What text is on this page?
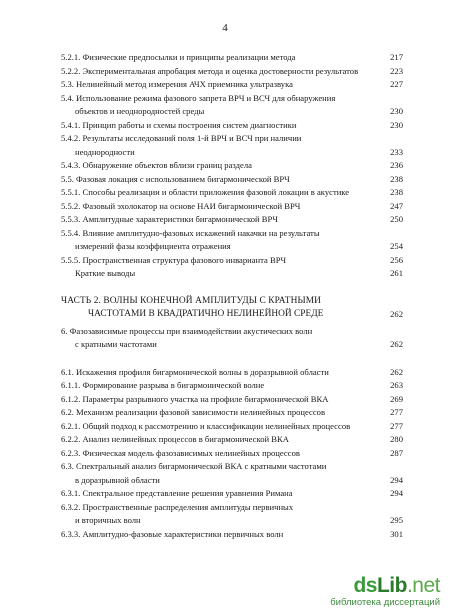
4
5.2.1. Физические предпосылки и принципы реализации метода	217
5.2.2. Экспериментальная апробация метода и оценка достоверности результатов	223
5.3. Нелинейный метод измерения АЧХ приемника ультразвука	227
5.4. Использование режима фазового запрета ВРЧ и ВСЧ для обнаружения
объектов и неоднородностей среды	230
5.4.1. Принцип работы и схемы построения систем диагностики	230
5.4.2. Результаты исследований поля 1-й ВРЧ и ВСЧ при наличии
неоднородности	233
5.4.3. Обнаружение объектов вблизи границ раздела	236
5.5. Фазовая локация с использованием бигармонической ВРЧ	238
5.5.1. Способы реализации и области приложения фазовой локации в акустике	238
5.5.2. Фазовый эхолокатор на основе НАИ бигармонической ВРЧ	247
5.5.3. Амплитудные характеристики бигармонической ВРЧ	250
5.5.4. Влияние амплитудно-фазовых искажений накачки на результаты
измерений фазы коэффициента отражения	254
5.5.5. Пространственная структура фазового инварианта ВРЧ	256
Краткие выводы	261
ЧАСТЬ 2. ВОЛНЫ КОНЕЧНОЙ АМПЛИТУДЫ С КРАТНЫМИ
ЧАСТОТАМИ В КВАДРАТИЧНО НЕЛИНЕЙНОЙ СРЕДЕ	262
6. Фазозависимые процессы при взаимодействии акустических волн
с кратными частотами	262
6.1. Искажения профиля бигармонической волны в доразрывной области	262
6.1.1. Формирование разрыва в бигармонической волне	263
6.1.2. Параметры разрывного участка на профиле бигармонической ВКА	269
6.2. Механизм реализации фазовой зависимости нелинейных процессов	277
6.2.1. Общий подход к рассмотрению и классификации нелинейных процессов	277
6.2.2. Анализ нелинейных процессов в бигармонической ВКА	280
6.2.3. Физическая модель фазозависимых нелинейных процессов	287
6.3. Спектральный анализ бигармонической ВКА с кратными частотами
в доразрывной области	294
6.3.1. Спектральное представление решения уравнения Римана	294
6.3.2. Пространственные распределения амплитуды первичных
и вторичных волн	295
6.3.3. Амплитудно-фазовые характеристики первичных волн	301
dsLib.net
библиотека диссертаций
